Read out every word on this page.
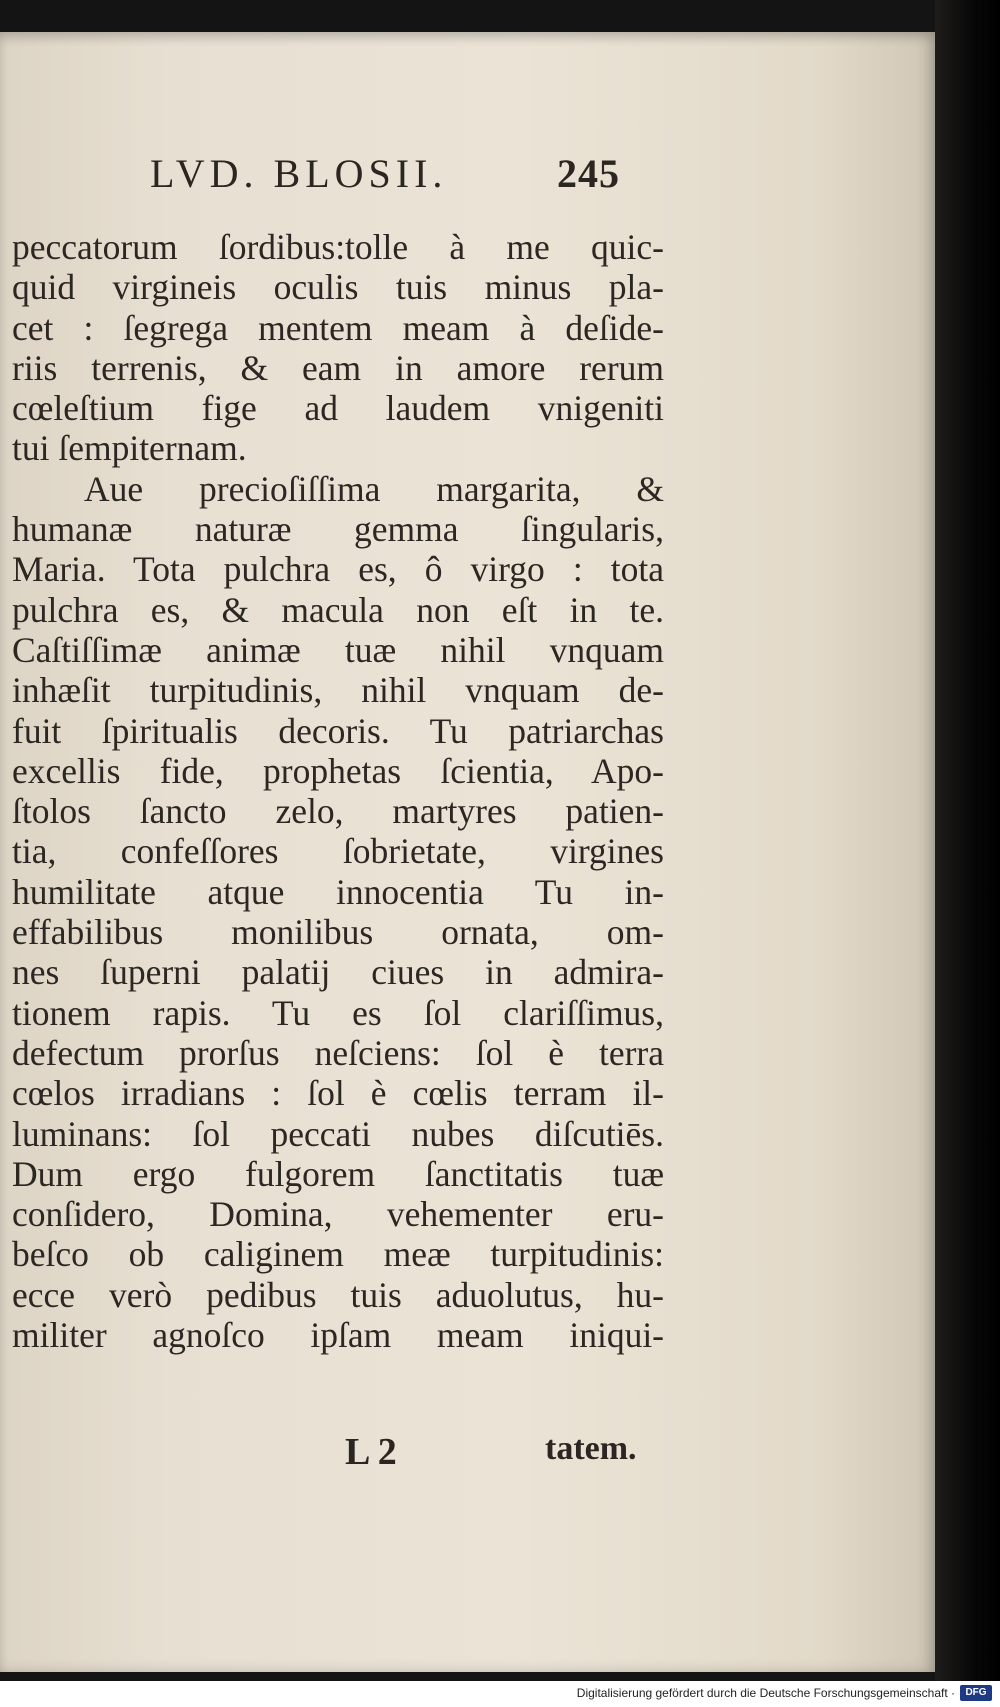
LVD. BLOSII.	245
peccatorum ſordibus:tolle à me quic-
quid virgineis oculis tuis minus pla-
cet : ſegrega mentem meam à deſide-
riis terrenis, & eam in amore rerum
cœleſtium fige ad laudem vnigeniti
tui ſempiternam.
Aue precioſiſſima margarita, &
humanæ naturæ gemma ſingularis,
Maria. Tota pulchra es, ô virgo : tota
pulchra es, & macula non eſt in te.
Caſtiſſimæ animæ tuæ nihil vnquam
inhæſit turpitudinis, nihil vnquam de-
fuit ſpiritualis decoris. Tu patriarchas
excellis fide, prophetas ſcientia, Apo-
ſtolos ſancto zelo, martyres patien-
tia, confeſſores ſobrietate, virgines
humilitate atque innocentia Tu in-
effabilibus monilibus ornata, om-
nes ſuperni palatij ciues in admira-
tionem rapis. Tu es ſol clariſſimus,
defectum prorſus neſciens: ſol è terra
cœlos irradians : ſol è cœlis terram il-
luminans: ſol peccati nubes diſcutiēs.
Dum ergo fulgorem ſanctitatis tuæ
conſidero, Domina, vehementer eru-
beſco ob caliginem meæ turpitudinis:
ecce verò pedibus tuis aduolutus, hu-
militer agnoſco ipſam meam iniqui-
L 2	tatem.
Digitalisierung gefördert durch die Deutsche Forschungsgemeinschaft ·	DFG
